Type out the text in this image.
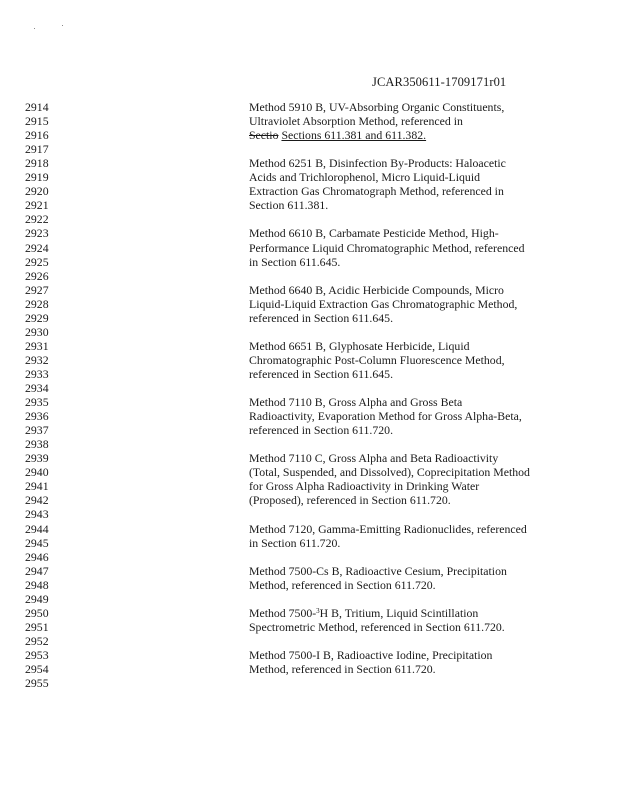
JCAR350611-1709171r01
2914	Method 5910 B, UV-Absorbing Organic Constituents,
2915	Ultraviolet Absorption Method, referenced in
2916	Sectio Sections 611.381 and 611.382.
2917
2918	Method 6251 B, Disinfection By-Products: Haloacetic
2919	Acids and Trichlorophenol, Micro Liquid-Liquid
2920	Extraction Gas Chromatograph Method, referenced in
2921	Section 611.381.
2922
2923	Method 6610 B, Carbamate Pesticide Method, High-
2924	Performance Liquid Chromatographic Method, referenced
2925	in Section 611.645.
2926
2927	Method 6640 B, Acidic Herbicide Compounds, Micro
2928	Liquid-Liquid Extraction Gas Chromatographic Method,
2929	referenced in Section 611.645.
2930
2931	Method 6651 B, Glyphosate Herbicide, Liquid
2932	Chromatographic Post-Column Fluorescence Method,
2933	referenced in Section 611.645.
2934
2935	Method 7110 B, Gross Alpha and Gross Beta
2936	Radioactivity, Evaporation Method for Gross Alpha-Beta,
2937	referenced in Section 611.720.
2938
2939	Method 7110 C, Gross Alpha and Beta Radioactivity
2940	(Total, Suspended, and Dissolved), Coprecipitation Method
2941	for Gross Alpha Radioactivity in Drinking Water
2942	(Proposed), referenced in Section 611.720.
2943
2944	Method 7120, Gamma-Emitting Radionuclides, referenced
2945	in Section 611.720.
2946
2947	Method 7500-Cs B, Radioactive Cesium, Precipitation
2948	Method, referenced in Section 611.720.
2949
2950	Method 7500-$^3$H B, Tritium, Liquid Scintillation
2951	Spectrometric Method, referenced in Section 611.720.
2952
2953	Method 7500-I B, Radioactive Iodine, Precipitation
2954	Method, referenced in Section 611.720.
2955
